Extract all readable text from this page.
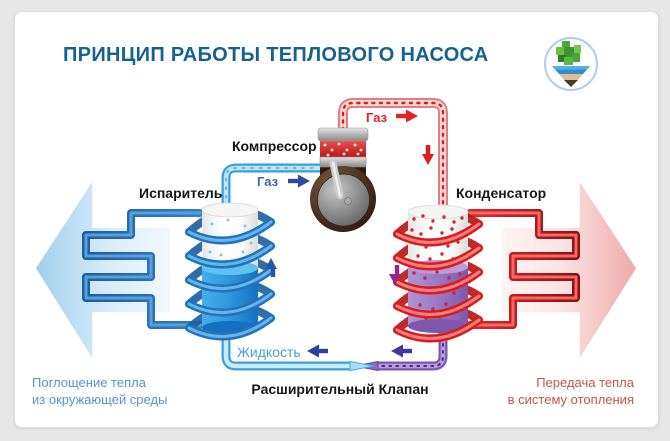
ПРИНЦИП РАБОТЫ ТЕПЛОВОГО НАСОСА
Компрессор
Испаритель	Конденсатор
Расширительный Клапан
Газ
Газ
Жидкость
Поглощение тепла
из окружающей среды
Передача тепла
в систему отопления
